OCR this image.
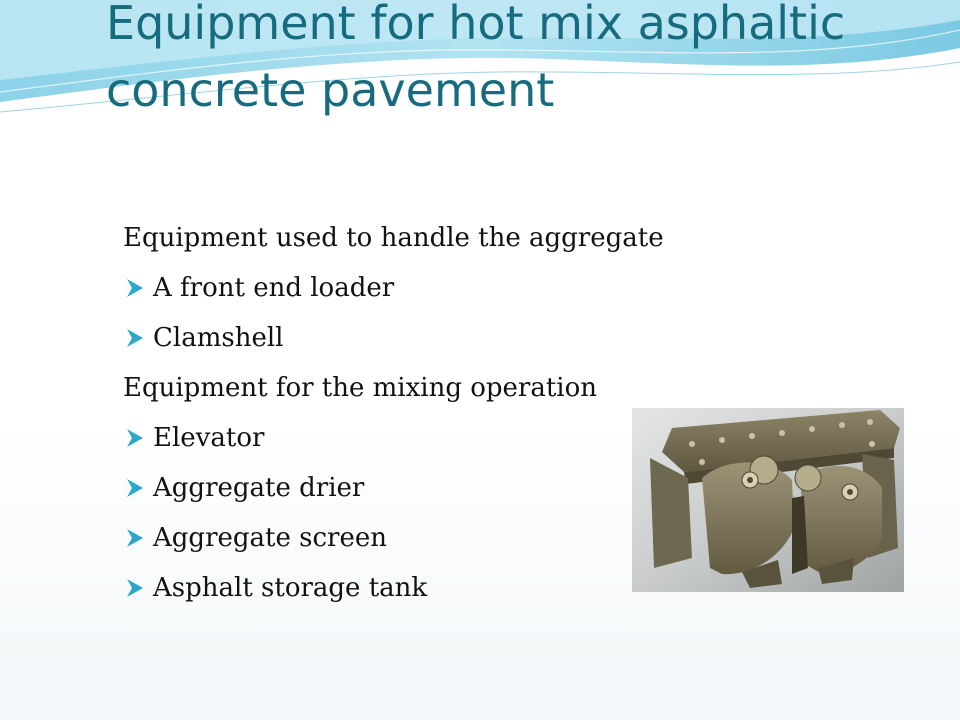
Equipment for hot mix asphaltic concrete pavement
Equipment used to handle the aggregate
A front end loader
Clamshell
Equipment for the mixing operation
Elevator
Aggregate drier
Aggregate screen
Asphalt storage tank
